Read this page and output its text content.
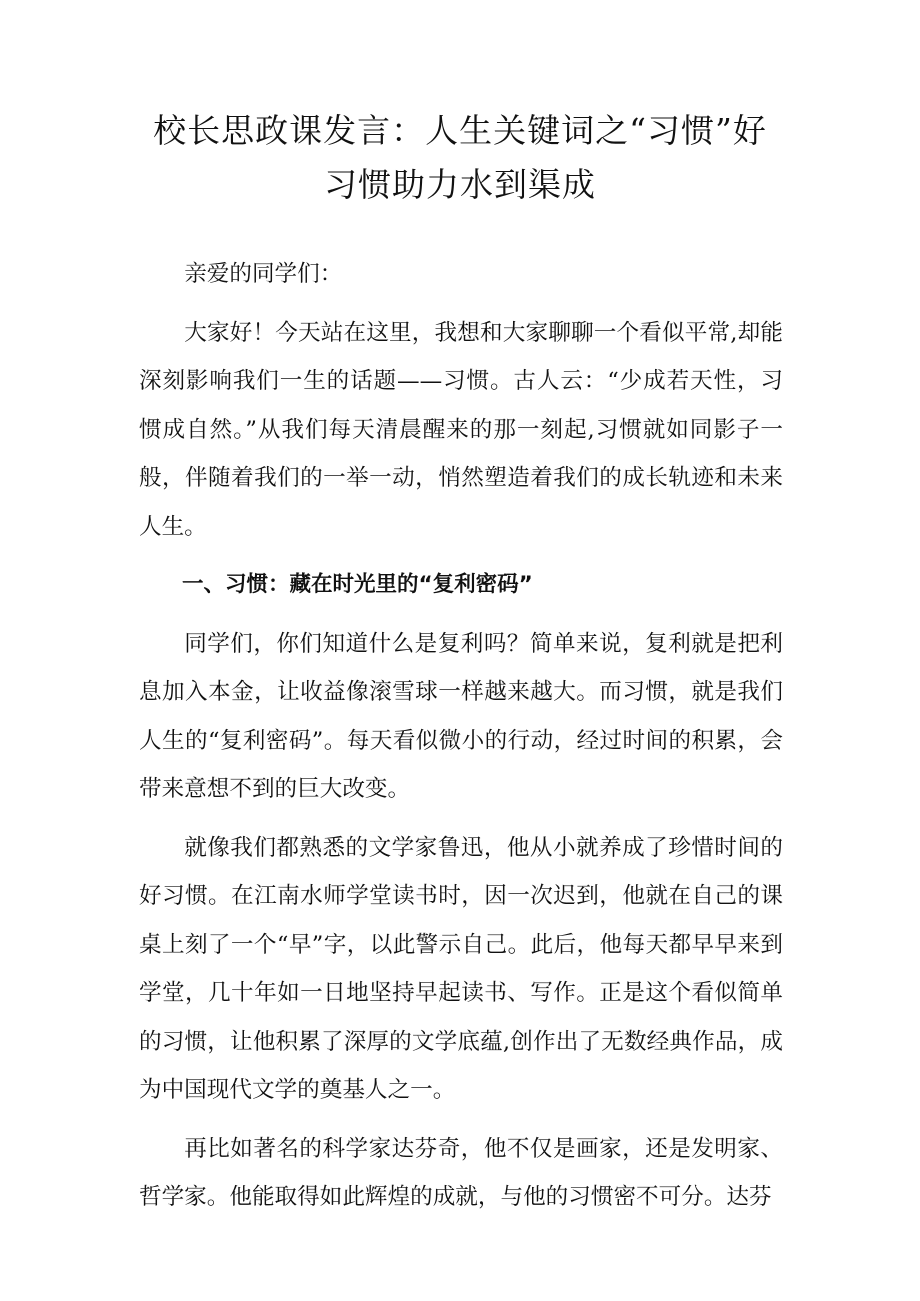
校长思政课发言：人生关键词之“习惯”好
习惯助力水到渠成

亲爱的同学们：

大家好！今天站在这里，我想和大家聊聊一个看似平常,却能深刻影响我们一生的话题——习惯。古人云：“少成若天性，习惯成自然。”从我们每天清晨醒来的那一刻起,习惯就如同影子一般，伴随着我们的一举一动，悄然塑造着我们的成长轨迹和未来人生。

一、习惯：藏在时光里的“复利密码”

同学们，你们知道什么是复利吗？简单来说，复利就是把利息加入本金，让收益像滚雪球一样越来越大。而习惯，就是我们人生的“复利密码”。每天看似微小的行动，经过时间的积累，会带来意想不到的巨大改变。

就像我们都熟悉的文学家鲁迅，他从小就养成了珍惜时间的好习惯。在江南水师学堂读书时，因一次迟到，他就在自己的课桌上刻了一个“早”字，以此警示自己。此后，他每天都早早来到学堂，几十年如一日地坚持早起读书、写作。正是这个看似简单的习惯，让他积累了深厚的文学底蕴,创作出了无数经典作品，成为中国现代文学的奠基人之一。

再比如著名的科学家达芬奇，他不仅是画家，还是发明家、哲学家。他能取得如此辉煌的成就，与他的习惯密不可分。达芬
